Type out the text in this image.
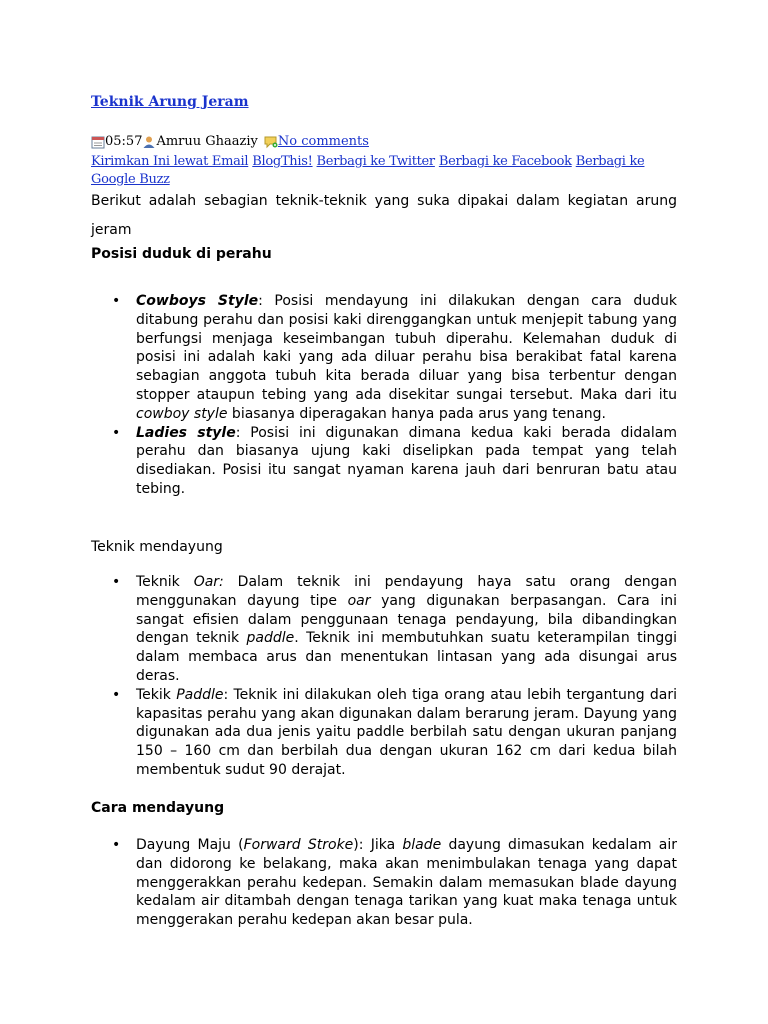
Teknik Arung Jeram
05:57 Amruu Ghaaziy No comments
Kirimkan Ini lewat Email BlogThis! Berbagi ke Twitter Berbagi ke Facebook Berbagi ke Google Buzz

Berikut adalah sebagian teknik-teknik yang suka dipakai dalam kegiatan arung jeram

Posisi duduk di perahu
• Cowboys Style: Posisi mendayung ini dilakukan dengan cara duduk ditabung perahu dan posisi kaki direnggangkan untuk menjepit tabung yang berfungsi menjaga keseimbangan tubuh diperahu. Kelemahan duduk di posisi ini adalah kaki yang ada diluar perahu bisa berakibat fatal karena sebagian anggota tubuh kita berada diluar yang bisa terbentur dengan stopper ataupun tebing yang ada disekitar sungai tersebut. Maka dari itu cowboy style biasanya diperagakan hanya pada arus yang tenang.
• Ladies style: Posisi ini digunakan dimana kedua kaki berada didalam perahu dan biasanya ujung kaki diselipkan pada tempat yang telah disediakan. Posisi itu sangat nyaman karena jauh dari benruran batu atau tebing.
Teknik mendayung
• Teknik Oar: Dalam teknik ini pendayung haya satu orang dengan menggunakan dayung tipe oar yang digunakan berpasangan. Cara ini sangat efisien dalam penggunaan tenaga pendayung, bila dibandingkan dengan teknik paddle. Teknik ini membutuhkan suatu keterampilan tinggi dalam membaca arus dan menentukan lintasan yang ada disungai arus deras.
• Tekik Paddle: Teknik ini dilakukan oleh tiga orang atau lebih tergantung dari kapasitas perahu yang akan digunakan dalam berarung jeram. Dayung yang digunakan ada dua jenis yaitu paddle berbilah satu dengan ukuran panjang 150 – 160 cm dan berbilah dua dengan ukuran 162 cm dari kedua bilah membentuk sudut 90 derajat.
Cara mendayung
• Dayung Maju (Forward Stroke): Jika blade dayung dimasukan kedalam air dan didorong ke belakang, maka akan menimbulakan tenaga yang dapat menggerakkan perahu kedepan. Semakin dalam memasukan blade dayung kedalam air ditambah dengan tenaga tarikan yang kuat maka tenaga untuk menggerakan perahu kedepan akan besar pula.
